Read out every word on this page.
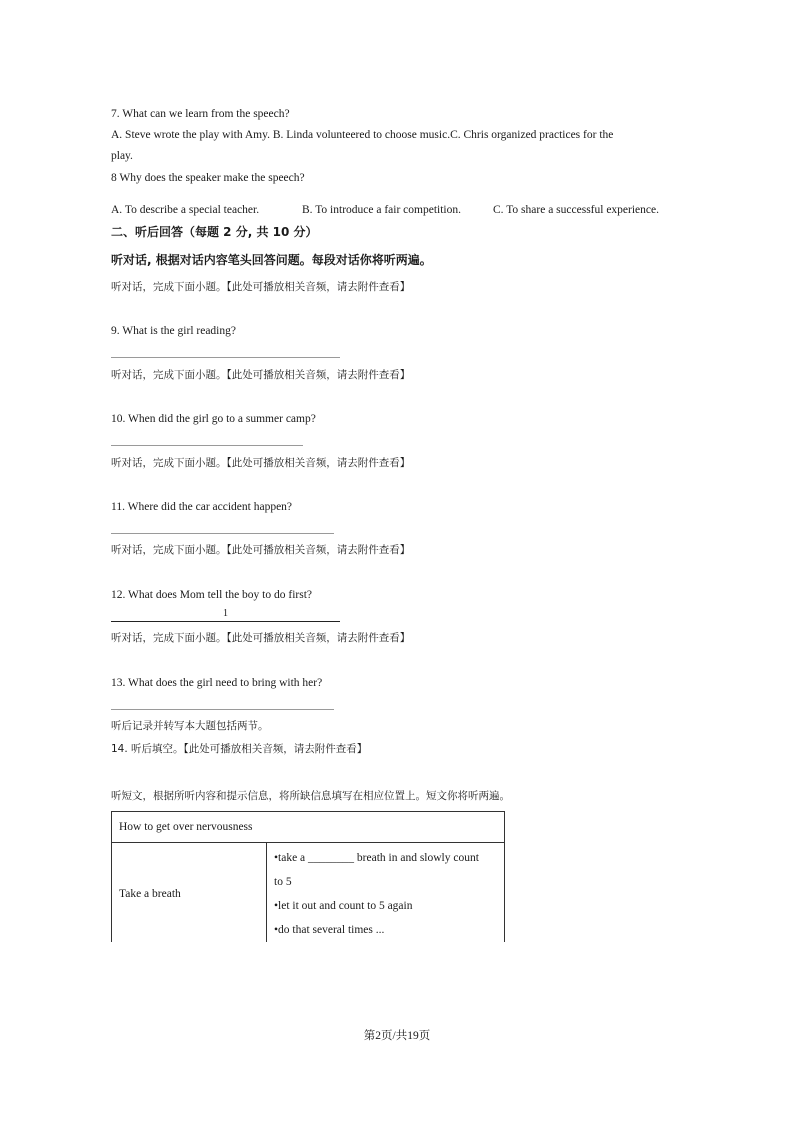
7. What can we learn from the speech?
A. Steve wrote the play with Amy. B. Linda volunteered to choose music.C. Chris organized practices for the
play.
8 Why does the speaker make the speech?
A. To describe a special teacher.	B. To introduce a fair competition.	C. To share a successful experience.
二、听后回答（每题 2 分, 共 10 分）
听对话, 根据对话内容笔头回答问题。每段对话你将听两遍。
听对话，完成下面小题。【此处可播放相关音频，请去附件查看】
9. What is the girl reading?
听对话，完成下面小题。【此处可播放相关音频，请去附件查看】
10. When did the girl go to a summer camp?
听对话，完成下面小题。【此处可播放相关音频，请去附件查看】
11. Where did the car accident happen?
听对话，完成下面小题。【此处可播放相关音频，请去附件查看】
12. What does Mom tell the boy to do first?
1
听对话，完成下面小题。【此处可播放相关音频，请去附件查看】
13. What does the girl need to bring with her?
听后记录并转写本大题包括两节。
14. 听后填空。【此处可播放相关音频，请去附件查看】
听短文，根据所听内容和提示信息，将所缺信息填写在相应位置上。短文你将听两遍。
How to get over nervousness
Take a breath	
•take a ________ breath in and slowly count
to 5
•let it out and count to 5 again
•do that several times ...
第2页/共19页
